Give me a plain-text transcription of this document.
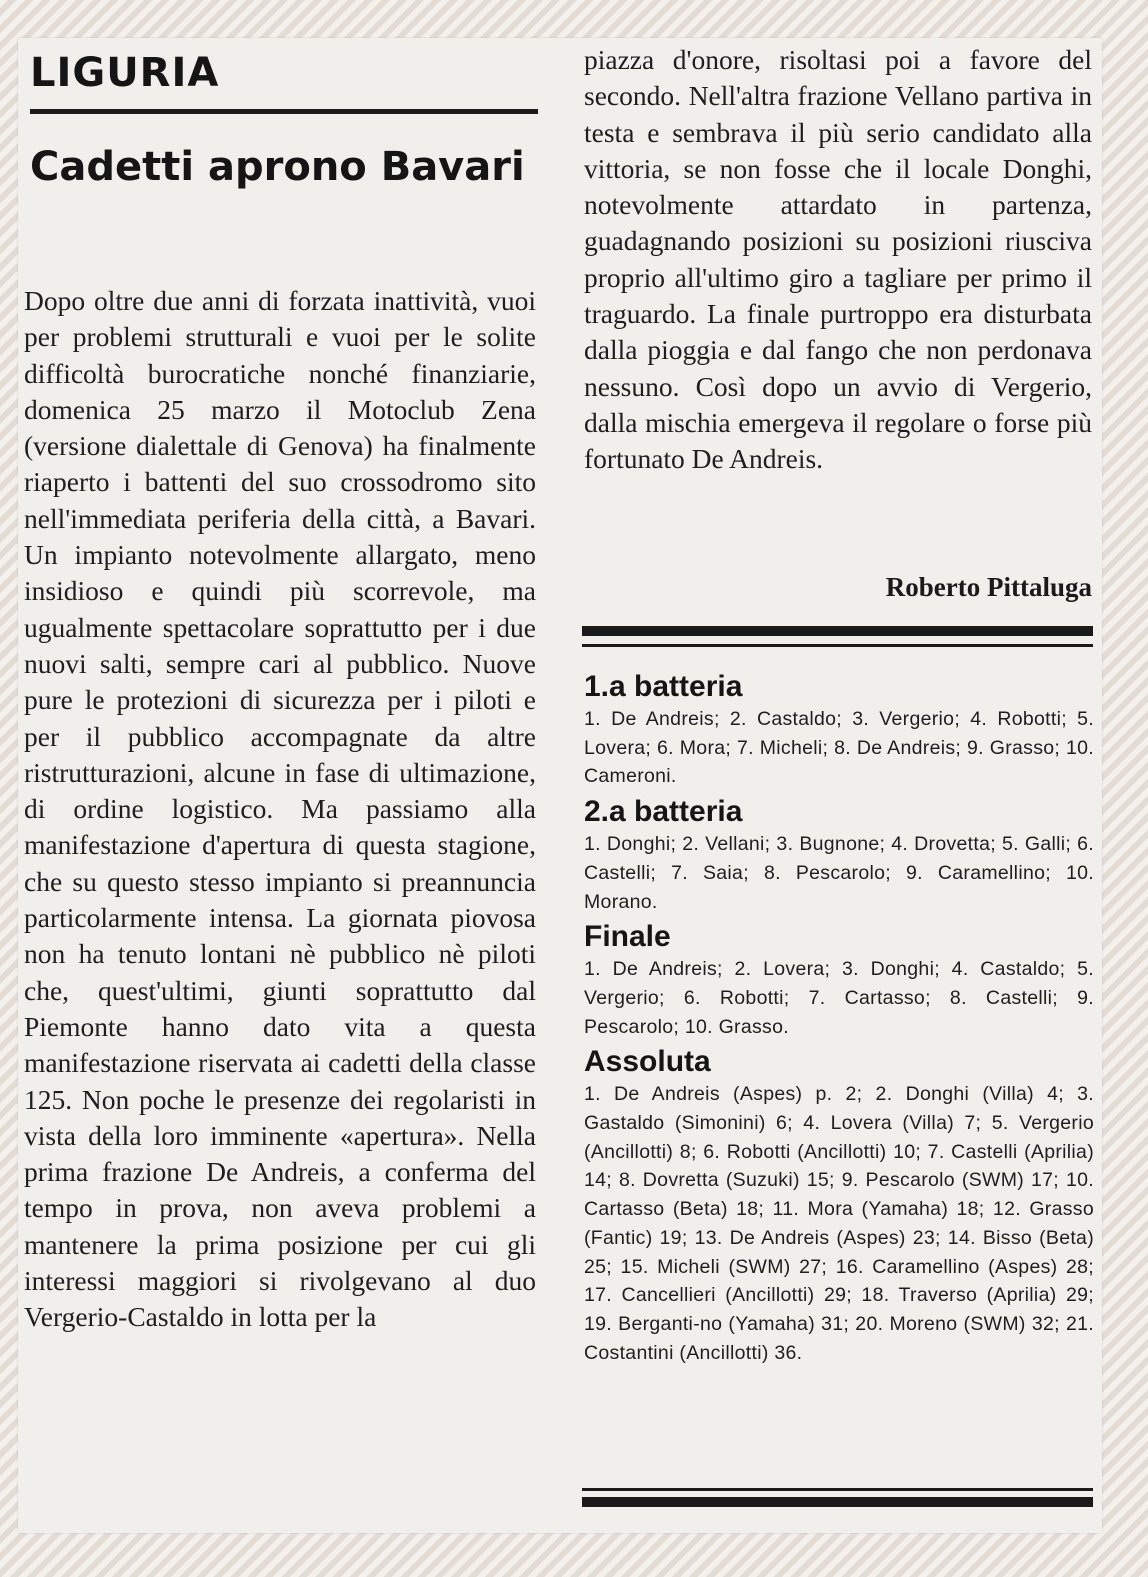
LIGURIA
Cadetti aprono Bavari

Dopo oltre due anni di forzata inattività, vuoi per problemi strutturali e vuoi per le solite difficoltà burocratiche nonché finanziarie, domenica 25 marzo il Motoclub Zena (versione dialettale di Genova) ha finalmente riaperto i battenti del suo crossodromo sito nell'immediata periferia della città, a Bavari. Un impianto notevolmente allargato, meno insidioso e quindi più scorrevole, ma ugualmente spettacolare soprattutto per i due nuovi salti, sempre cari al pubblico. Nuove pure le protezioni di sicurezza per i piloti e per il pubblico accompagnate da altre ristrutturazioni, alcune in fase di ultimazione, di ordine logistico. Ma passiamo alla manifestazione d'apertura di questa stagione, che su questo stesso impianto si preannuncia particolarmente intensa. La giornata piovosa non ha tenuto lontani nè pubblico nè piloti che, quest'ultimi, giunti soprattutto dal Piemonte hanno dato vita a questa manifestazione riservata ai cadetti della classe 125. Non poche le presenze dei regolaristi in vista della loro imminente «apertura». Nella prima frazione De Andreis, a conferma del tempo in prova, non aveva problemi a mantenere la prima posizione per cui gli interessi maggiori si rivolgevano al duo Vergerio-Castaldo in lotta per la

piazza d'onore, risoltasi poi a favore del secondo. Nell'altra frazione Vellano partiva in testa e sembrava il più serio candidato alla vittoria, se non fosse che il locale Donghi, notevolmente attardato in partenza, guadagnando posizioni su posizioni riusciva proprio all'ultimo giro a tagliare per primo il traguardo. La finale purtroppo era disturbata dalla pioggia e dal fango che non perdonava nessuno. Così dopo un avvio di Vergerio, dalla mischia emergeva il regolare o forse più fortunato De Andreis.

Roberto Pittaluga
1.a batteria

1. De Andreis; 2. Castaldo; 3. Vergerio; 4. Robotti; 5. Lovera; 6. Mora; 7. Micheli; 8. De Andreis; 9. Grasso; 10. Cameroni.

2.a batteria

1. Donghi; 2. Vellani; 3. Bugnone; 4. Drovetta; 5. Galli; 6. Castelli; 7. Saia; 8. Pescarolo; 9. Caramellino; 10. Morano.

Finale

1. De Andreis; 2. Lovera; 3. Donghi; 4. Castaldo; 5. Vergerio; 6. Robotti; 7. Cartasso; 8. Castelli; 9. Pescarolo; 10. Grasso.

Assoluta

1. De Andreis (Aspes) p. 2; 2. Donghi (Villa) 4; 3. Gastaldo (Simonini) 6; 4. Lovera (Villa) 7; 5. Vergerio (Ancillotti) 8; 6. Robotti (Ancillotti) 10; 7. Castelli (Aprilia) 14; 8. Dovretta (Suzuki) 15; 9. Pescarolo (SWM) 17; 10. Cartasso (Beta) 18; 11. Mora (Yamaha) 18; 12. Grasso (Fantic) 19; 13. De Andreis (Aspes) 23; 14. Bisso (Beta) 25; 15. Micheli (SWM) 27; 16. Caramellino (Aspes) 28; 17. Cancellieri (Ancillotti) 29; 18. Traverso (Aprilia) 29; 19. Berganti-no (Yamaha) 31; 20. Moreno (SWM) 32; 21. Costantini (Ancillotti) 36.
